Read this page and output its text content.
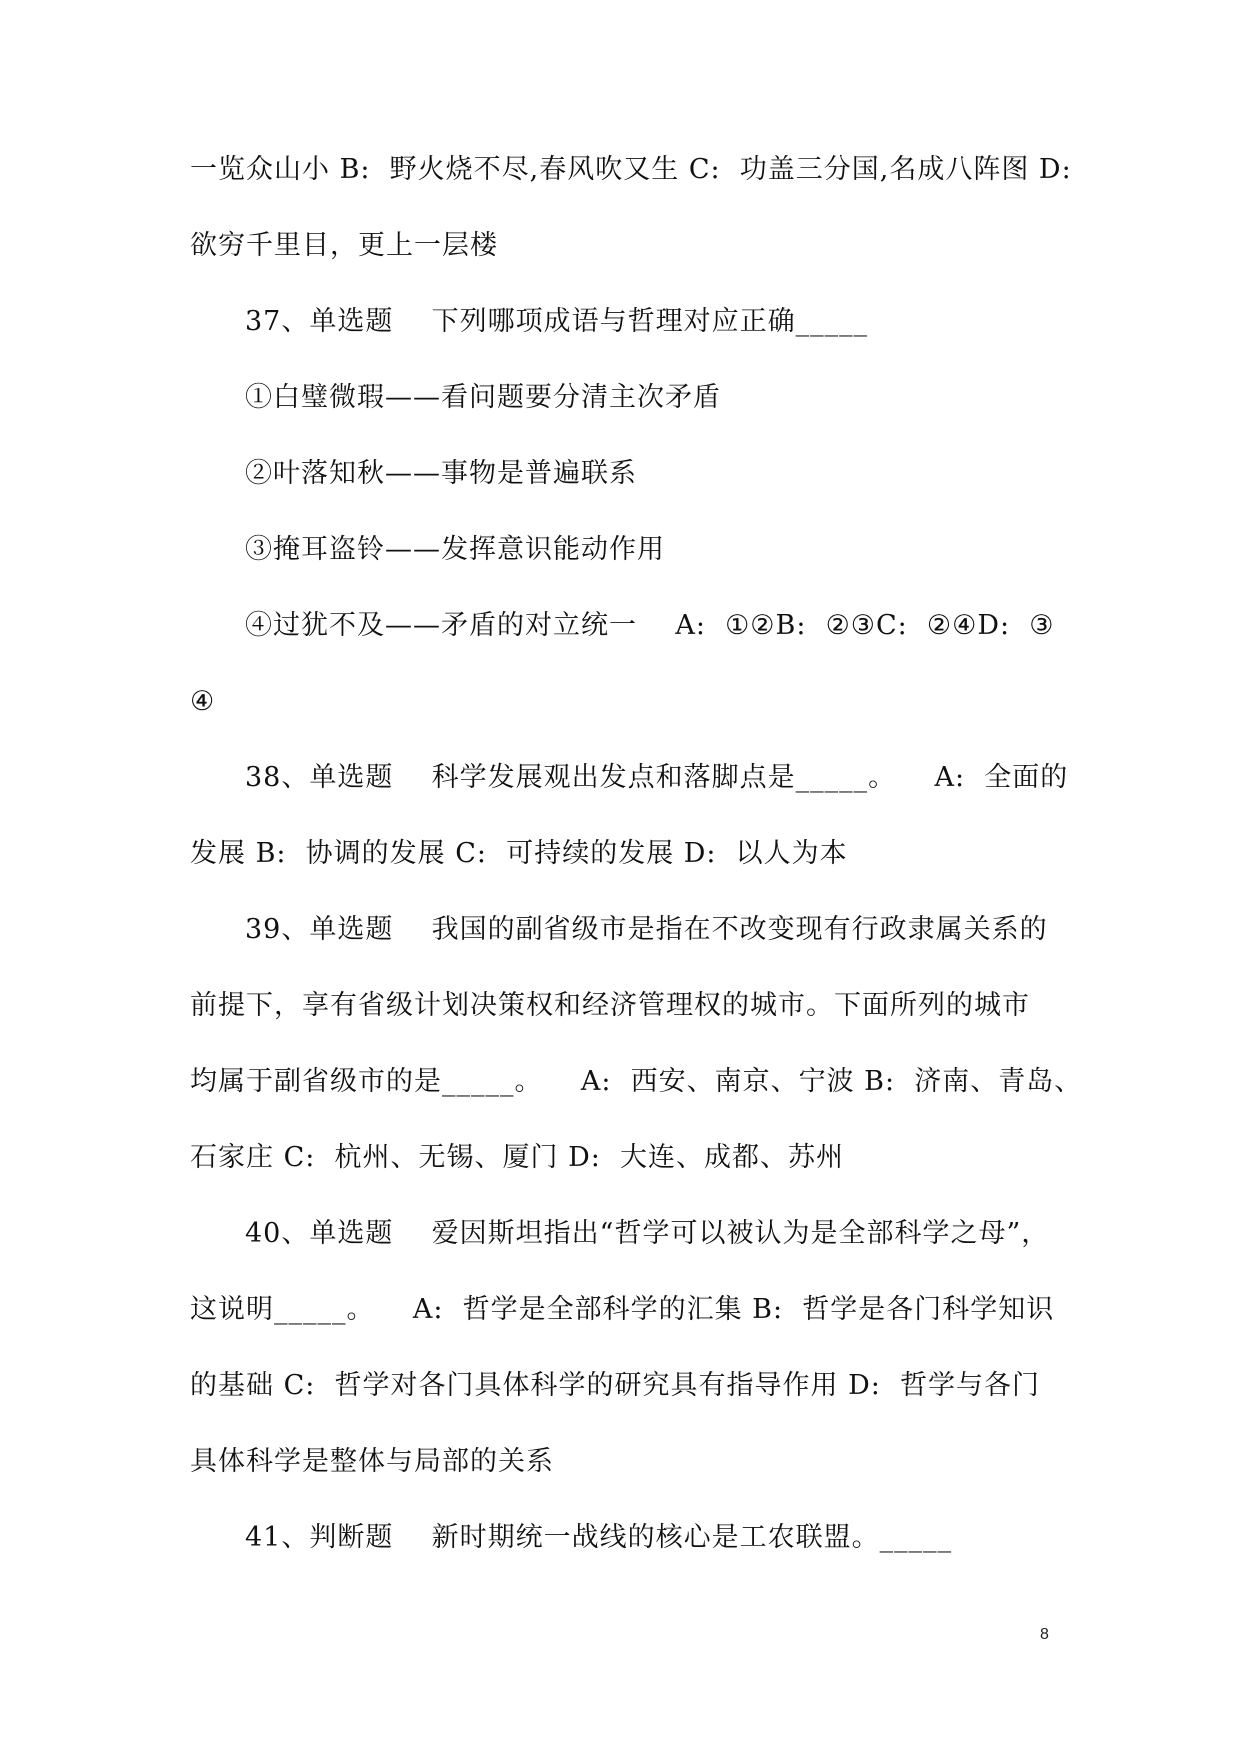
一览众山小 B:  野火烧不尽,春风吹又生 C:  功盖三分国,名成八阵图 D:
欲穷千里目，更上一层楼
37、单选题    下列哪项成语与哲理对应正确_____
①白璧微瑕——看问题要分清主次矛盾
②叶落知秋——事物是普遍联系
③掩耳盗铃——发挥意识能动作用
④过犹不及——矛盾的对立统一    A:  ①②B:  ②③C:  ②④D:  ③
④
38、单选题    科学发展观出发点和落脚点是_____。    A:  全面的
发展 B:  协调的发展 C:  可持续的发展 D:  以人为本
39、单选题    我国的副省级市是指在不改变现有行政隶属关系的
前提下，享有省级计划决策权和经济管理权的城市。下面所列的城市
均属于副省级市的是_____。    A:  西安、南京、宁波 B:  济南、青岛、
石家庄 C:  杭州、无锡、厦门 D:  大连、成都、苏州
40、单选题    爱因斯坦指出“哲学可以被认为是全部科学之母”，
这说明_____。    A:  哲学是全部科学的汇集 B:  哲学是各门科学知识
的基础 C:  哲学对各门具体科学的研究具有指导作用 D:  哲学与各门
具体科学是整体与局部的关系
41、判断题    新时期统一战线的核心是工农联盟。_____
8
